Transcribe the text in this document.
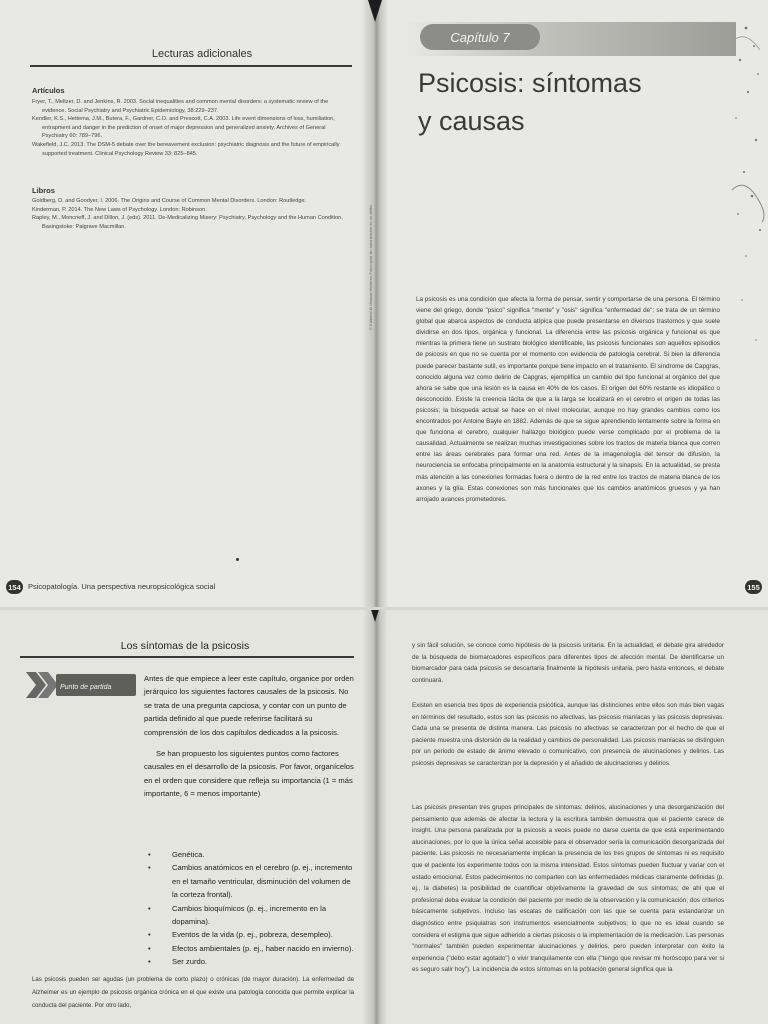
Lecturas adicionales
Artículos
Fryer, T., Meltzer, D. and Jenkins, R. 2003. Social inequalities and common mental disorders: a systematic review of the evidence. Social Psychiatry and Psychiatric Epidemiology, 38:229–237.
Kendler, K.S., Hettema, J.M., Butera, F., Gardner, C.O. and Prescott, C.A. 2003. Life event dimensions of loss, humiliation, entrapment and danger in the prediction of onset of major depression and generalized anxiety. Archives of General Psychiatry 60: 789–796.
Wakefield, J.C. 2013. The DSM-5 debate over the bereavement exclusion: psychiatric diagnosis and the future of empirically supported treatment. Clinical Psychology Review 33: 825–845.
Libros
Goldberg, D. and Goodyer, I. 2006. The Origins and Course of Common Mental Disorders. London: Routledge.
Kinderman, P. 2014. The New Laws of Psychology. London: Robinson.
Rapley, M., Moncrieff, J. and Dillon, J. (eds). 2011. De-Medicalizing Misery: Psychiatry, Psychology and the Human Condition. Basingstoke: Palgrave Macmillan.
154 Psicopatología. Una perspectiva neuropsicológica social
Capítulo 7
Psicosis: síntomas
y causas

La psicosis es una condición que afecta la forma de pensar, sentir y comportarse de una persona. El término viene del griego, donde "psico" significa "mente" y "osis" significa "enfermedad de"; se trata de un término global que abarca aspectos de conducta atípica que puede presentarse en diversos trastornos y que suele dividirse en dos tipos, orgánica y funcional. La diferencia entre las psicosis orgánica y funcional es que mientras la primera tiene un sustrato biológico identificable, las psicosis funcionales son aquellos episodios de psicosis en que no se cuenta por el momento con evidencia de patología cerebral. Si bien la diferencia puede parecer bastante sutil, es importante porque tiene impacto en el tratamiento. El síndrome de Capgras, conocido alguna vez como delirio de Capgras, ejemplifica un cambio del tipo funcional al orgánico del que ahora se sabe que una lesión es la causa en 40% de los casos. El origen del 60% restante es idiopático o desconocido. Existe la creencia tácita de que a la larga se localizará en el cerebro el origen de todas las psicosis; la búsqueda actual se hace en el nivel molecular, aunque no hay grandes cambios como los encontrados por Antoine Bayle en 1882. Además de que se sigue aprendiendo lentamente sobre la forma en que funciona el cerebro, cualquier hallazgo biológico puede verse complicado por el problema de la causalidad. Actualmente se realizan muchas investigaciones sobre los tractos de materia blanca que corren entre las áreas cerebrales para formar una red. Antes de la imagenología del tensor de difusión, la neurociencia se enfocaba principalmente en la anatomía estructural y la sinapsis. En la actualidad, se presta más atención a las conexiones formadas fuera o dentro de la red entre los tractos de materia blanca de los axones y la glía. Estas conexiones son más funcionales que los cambios anatómicos gruesos y ya han arrojado avances prometedores.

© Editorial El Manual Moderno Fotocopiar sin autorización es un delito
155
Los síntomas de la psicosis
Punto de partida

Antes de que empiece a leer este capítulo, organice por orden jerárquico los siguientes factores causales de la psicosis. No se trata de una pregunta capciosa, y contar con un punto de partida definido al que puede referirse facilitará su comprensión de los dos capítulos dedicados a la psicosis.

Se han propuesto los siguientes puntos como factores causales en el desarrollo de la psicosis. Por favor, organícelos en el orden que considere que refleja su importancia (1 = más importante, 6 = menos importante)

• Genética.
• Cambios anatómicos en el cerebro (p. ej., incremento en el tamaño ventricular, disminución del volumen de la corteza frontal).
• Cambios bioquímicos (p. ej., incremento en la dopamina).
• Eventos de la vida (p. ej., pobreza, desempleo).
• Efectos ambientales (p. ej., haber nacido en invierno).
• Ser zurdo.

Las psicosis pueden ser agudas (un problema de corto plazo) o crónicas (de mayor duración). La enfermedad de Alzheimer es un ejemplo de psicosis orgánica crónica en el que existe una patología conocida que permite explicar la conducta del paciente. Por otro lado,

y sin fácil solución, se conoce como hipótesis de la psicosis unitaria. En la actualidad, el debate gira alrededor de la búsqueda de biomarcadores específicos para diferentes tipos de afección mental. De identificarse un biomarcador para cada psicosis se descartaría finalmente la hipótesis unitaria, pero hasta entonces, el debate continuará.

Existen en esencia tres tipos de experiencia psicótica, aunque las distinciones entre ellos son más bien vagas en términos del resultado, estos son las psicosis no afectivas, las psicosis maníacas y las psicosis depresivas. Cada una se presenta de distinta manera. Las psicosis no afectivas se caracterizan por el hecho de que el paciente muestra una distorsión de la realidad y cambios de personalidad. Las psicosis maníacas se distinguen por un periodo de estado de ánimo elevado o comunicativo, con presencia de alucinaciones y delirios. Las psicosis depresivas se caracterizan por la depresión y el añadido de alucinaciones y delirios.

Las psicosis presentan tres grupos principales de síntomas: delirios, alucinaciones y una desorganización del pensamiento que además de afectar la lectura y la escritura también demuestra que el paciente carece de insight. Una persona paralizada por la psicosis a veces puede no darse cuenta de que está experimentando alucinaciones, por lo que la única señal accesible para el observador sería la comunicación desorganizada del paciente. Las psicosis no necesariamente implican la presencia de los tres grupos de síntomas ni es requisito que el paciente los experimente todos con la misma intensidad. Estos síntomas pueden fluctuar y variar con el estado emocional. Estos padecimientos no comparten con las enfermedades médicas claramente definidas (p. ej., la diabetes) la posibilidad de cuantificar objetivamente la gravedad de sus síntomas; de ahí que el profesional deba evaluar la condición del paciente por medio de la observación y la comunicación; dos criterios básicamente subjetivos. Incluso las escalas de calificación con las que se cuenta para estandarizar un diagnóstico entre psiquiatras son instrumentos esencialmente subjetivos; lo que no es ideal cuando se considera el estigma que sigue adherido a ciertas psicosis o la implementación de la medicación. Las personas "normales" también pueden experimentar alucinaciones y delirios, pero pueden interpretar con éxito la experiencia ("debo estar agotado") o vivir tranquilamente con ella ("tengo que revisar mi horóscopo para ver si es seguro salir hoy"). La incidencia de estos síntomas en la población general significa que la
